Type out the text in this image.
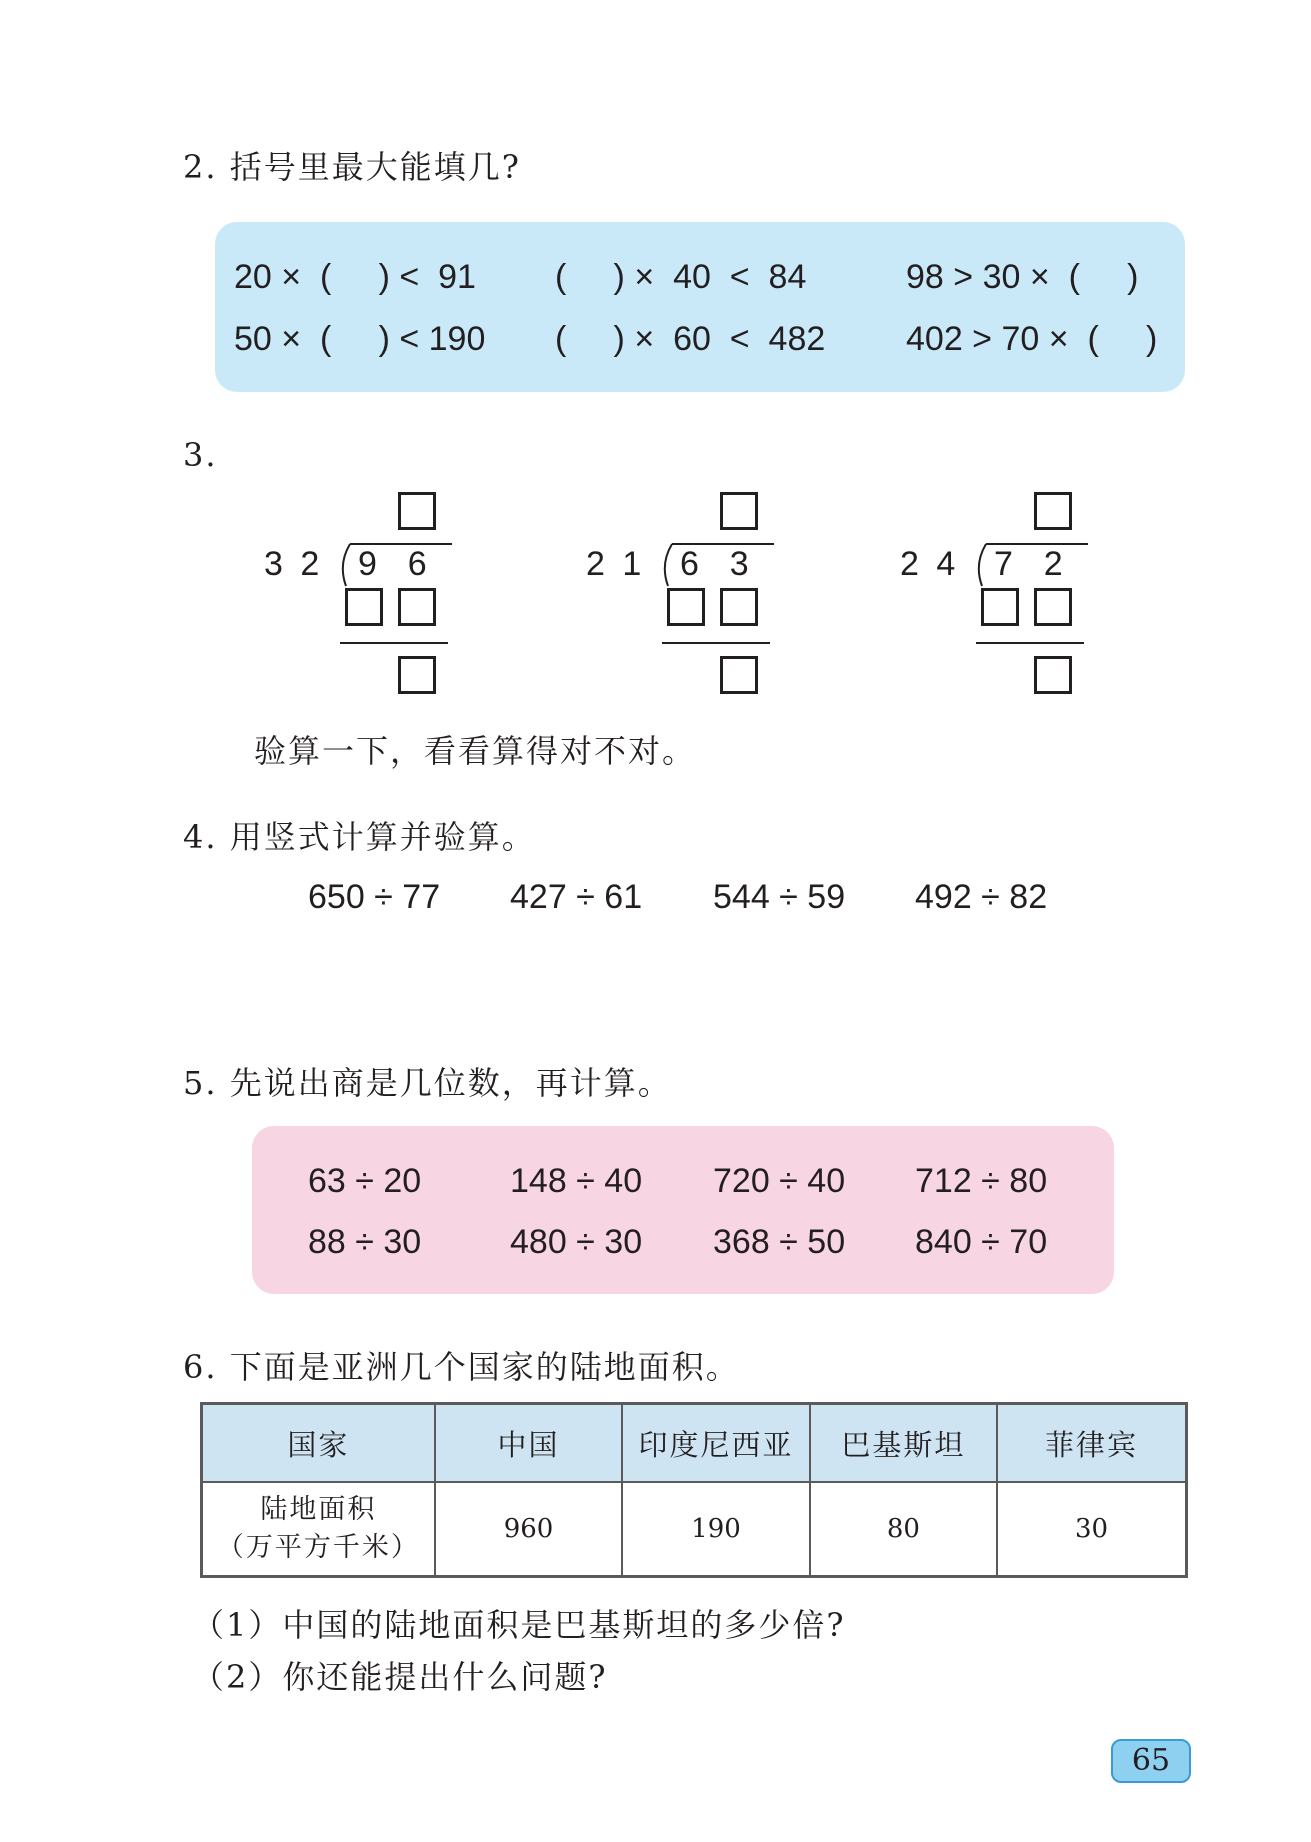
2. 括号里最大能填几?
20 ×  (     ) <  91 (     ) ×  40  <  84	98 > 30 ×  (     )
50 ×  (     ) < 190 (     ) ×  60  <  482 402 > 70 ×  (     )
3.
3 2 9  6	2 1 6  3	2 4 7  2
验算一下，看看算得对不对。
4. 用竖式计算并验算。
650 ÷ 77 427 ÷ 61 544 ÷ 59 492 ÷ 82
5. 先说出商是几位数，再计算。
63 ÷ 20	148 ÷ 40 720 ÷ 40 712 ÷ 80
88 ÷ 30	480 ÷ 30 368 ÷ 50 840 ÷ 70
6. 下面是亚洲几个国家的陆地面积。
国家	中国	印度尼西亚	巴基斯坦	菲律宾

陆地面积
（万平方千米）	960	190	80	30
（1）中国的陆地面积是巴基斯坦的多少倍?
（2）你还能提出什么问题?
65
